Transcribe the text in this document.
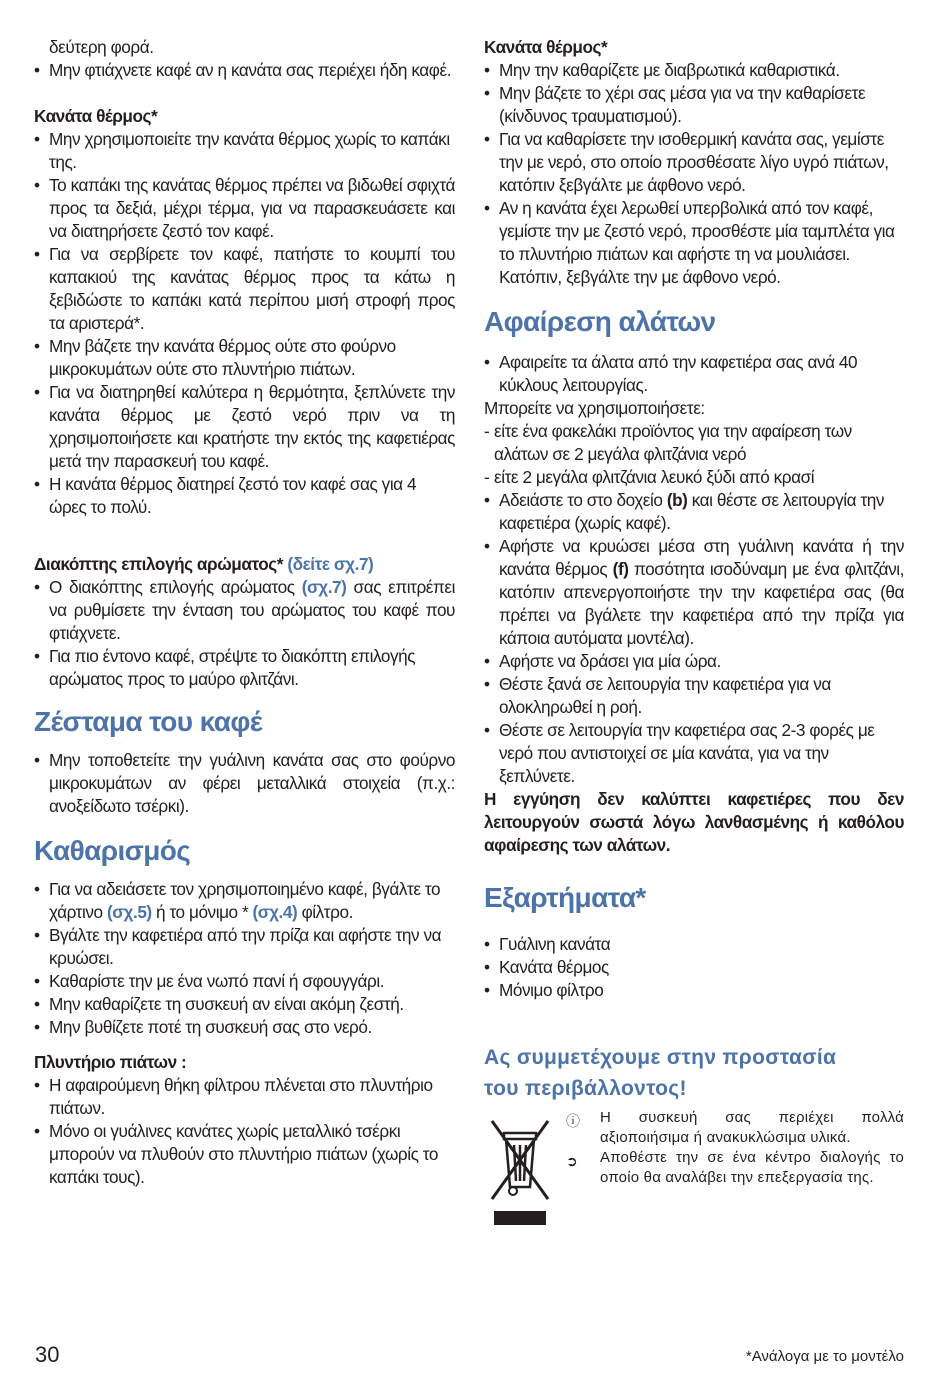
δεύτερη φορά.

• Μην φτιάχνετε καφέ αν η κανάτα σας περιέχει ήδη καφέ.

Κανάτα θέρμος*

• Μην χρησιμοποιείτε την κανάτα θέρμος χωρίς το καπάκι της.

• Το καπάκι της κανάτας θέρμος πρέπει να βιδωθεί σφιχτά προς τα δεξιά, μέχρι τέρμα, για να παρασκευάσετε και να διατηρήσετε ζεστό τον καφέ.

• Για να σερβίρετε τον καφέ, πατήστε το κουμπί του καπακιού της κανάτας θέρμος προς τα κάτω η ξεβιδώστε το καπάκι κατά περίπου μισή στροφή προς τα αριστερά*.

• Μην βάζετε την κανάτα θέρμος ούτε στο φούρνο μικροκυμάτων ούτε στο πλυντήριο πιάτων.

• Για να διατηρηθεί καλύτερα η θερμότητα, ξεπλύνετε την κανάτα θέρμος με ζεστό νερό πριν να τη χρησιμοποιήσετε και κρατήστε την εκτός της καφετιέρας μετά την παρασκευή του καφέ.

• Η κανάτα θέρμος διατηρεί ζεστό τον καφέ σας για 4 ώρες το πολύ.

Διακόπτης επιλογής αρώματος* (δείτε σχ.7)

• Ο διακόπτης επιλογής αρώματος (σχ.7) σας επιτρέπει να ρυθμίσετε την ένταση του αρώματος του καφέ που φτιάχνετε.

• Για πιο έντονο καφέ, στρέψτε το διακόπτη επιλογής αρώματος προς το μαύρο φλιτζάνι.

Ζέσταμα του καφέ

• Μην τοποθετείτε την γυάλινη κανάτα σας στο φούρνο μικροκυμάτων αν φέρει μεταλλικά στοιχεία (π.χ.: ανοξείδωτο τσέρκι).

Καθαρισμός

• Για να αδειάσετε τον χρησιμοποιημένο καφέ, βγάλτε το χάρτινο (σχ.5) ή το μόνιμο * (σχ.4) φίλτρο.

• Βγάλτε την καφετιέρα από την πρίζα και αφήστε την να κρυώσει.

• Καθαρίστε την με ένα νωπό πανί ή σφουγγάρι.

• Μην καθαρίζετε τη συσκευή αν είναι ακόμη ζεστή.

• Μην βυθίζετε ποτέ τη συσκευή σας στο νερό.

Πλυντήριο πιάτων :

• Η αφαιρούμενη θήκη φίλτρου πλένεται στο πλυντήριο πιάτων.

• Μόνο οι γυάλινες κανάτες χωρίς μεταλλικό τσέρκι μπορούν να πλυθούν στο πλυντήριο πιάτων (χωρίς το καπάκι τους).

Κανάτα θέρμος*

• Μην την καθαρίζετε με διαβρωτικά καθαριστικά.

• Μην βάζετε το χέρι σας μέσα για να την καθαρίσετε (κίνδυνος τραυματισμού).

• Για να καθαρίσετε την ισοθερμική κανάτα σας, γεμίστε την με νερό, στο οποίο προσθέσατε λίγο υγρό πιάτων, κατόπιν ξεβγάλτε με άφθονο νερό.

• Αν η κανάτα έχει λερωθεί υπερβολικά από τον καφέ, γεμίστε την με ζεστό νερό, προσθέστε μία ταμπλέτα για το πλυντήριο πιάτων και αφήστε τη να μουλιάσει. Κατόπιν, ξεβγάλτε την με άφθονο νερό.

Αφαίρεση αλάτων

• Αφαιρείτε τα άλατα από την καφετιέρα σας ανά 40 κύκλους λειτουργίας.

Μπορείτε να χρησιμοποιήσετε:

- είτε ένα φακελάκι προϊόντος για την αφαίρεση των αλάτων σε 2 μεγάλα φλιτζάνια νερό

- είτε 2 μεγάλα φλιτζάνια λευκό ξύδι από κρασί

• Αδειάστε το στο δοχείο (b) και θέστε σε λειτουργία την καφετιέρα (χωρίς καφέ).

• Αφήστε να κρυώσει μέσα στη γυάλινη κανάτα ή την κανάτα θέρμος (f) ποσότητα ισοδύναμη με ένα φλιτζάνι, κατόπιν απενεργοποιήστε την την καφετιέρα σας (θα πρέπει να βγάλετε την καφετιέρα από την πρίζα για κάποια αυτόματα μοντέλα).

• Αφήστε να δράσει για μία ώρα.

• Θέστε ξανά σε λειτουργία την καφετιέρα για να ολοκληρωθεί η ροή.

• Θέστε σε λειτουργία την καφετιέρα σας 2-3 φορές με νερό που αντιστοιχεί σε μία κανάτα, για να την ξεπλύνετε.

Η εγγύηση δεν καλύπτει καφετιέρες που δεν λειτουργούν σωστά λόγω λανθασμένης ή καθόλου αφαίρεσης των αλάτων.

Εξαρτήματα*

• Γυάλινη κανάτα

• Κανάτα θέρμος

• Μόνιμο φίλτρο

Ας συμμετέχουμε στην προστασία
του περιβάλλοντος!

ⓘ
➲

Η συσκευή σας περιέχει πολλά αξιοποιήσιμα ή ανακυκλώσιμα υλικά.

Αποθέστε την σε ένα κέντρο διαλογής το οποίο θα αναλάβει την επεξεργασία της.

30	*Ανάλογα με το μοντέλο
